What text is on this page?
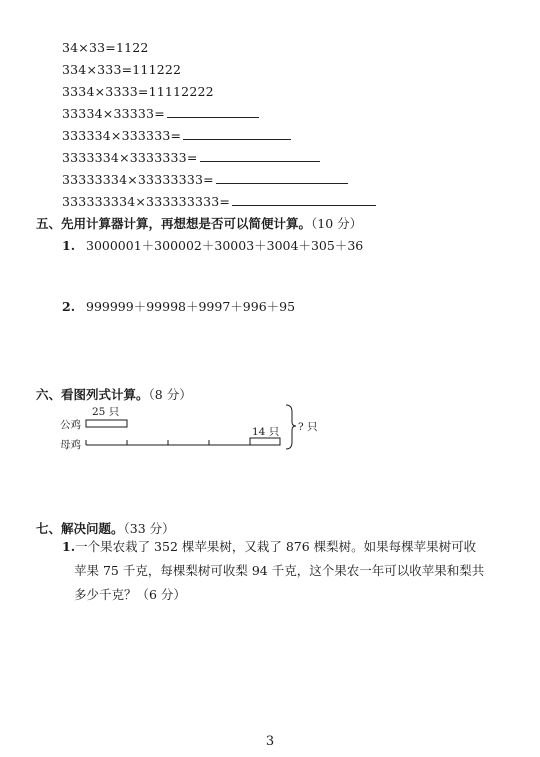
34×33=1122
334×333=111222
3334×3333=11112222
33334×33333=
333334×333333=
3333334×3333333=
33333334×33333333=
333333334×333333333=
五、先用计算器计算，再想想是否可以简便计算。（10 分）
1. 3000001＋300002＋30003＋3004＋305＋36
2. 999999＋99998＋9997＋996＋95
六、看图列式计算。（8 分）
25 只
公鸡
母鸡
14 只 ? 只
七、解决问题。（33 分）
1.一个果农栽了 352 棵苹果树，又栽了 876 棵梨树。如果每棵苹果树可收
苹果 75 千克，每棵梨树可收梨 94 千克，这个果农一年可以收苹果和梨共
多少千克？（6 分）
3
